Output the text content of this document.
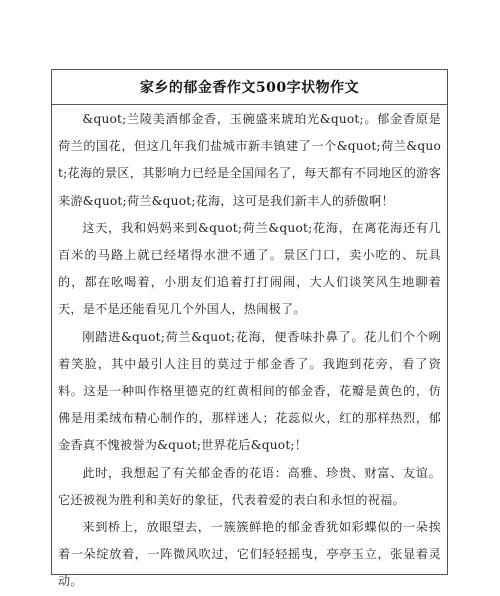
家乡的郁金香作文500字状物作文

&quot;兰陵美酒郁金香，玉碗盛来琥珀光&quot;。郁金香原是荷兰的国花，但这几年我们盐城市新丰镇建了一个&quot;荷兰&quot;花海的景区，其影响力已经是全国闻名了，每天都有不同地区的游客来游&quot;荷兰&quot;花海，这可是我们新丰人的骄傲啊！

这天，我和妈妈来到&quot;荷兰&quot;花海，在离花海还有几百米的马路上就已经堵得水泄不通了。景区门口，卖小吃的、玩具的，都在吆喝着，小朋友们追着打打闹闹，大人们谈笑风生地聊着天，是不是还能看见几个外国人，热闹极了。

刚踏进&quot;荷兰&quot;花海，便香味扑鼻了。花儿们个个咧着笑脸，其中最引人注目的莫过于郁金香了。我跑到花旁，看了资料。这是一种叫作格里德克的红黄相间的郁金香，花瓣是黄色的，仿佛是用柔绒布精心制作的，那样迷人；花蕊似火，红的那样热烈，郁金香真不愧被誉为&quot;世界花后&quot;！

此时，我想起了有关郁金香的花语：高雅、珍贵、财富、友谊。它还被视为胜利和美好的象征，代表着爱的表白和永恒的祝福。

来到桥上，放眼望去，一簇簇鲜艳的郁金香犹如彩蝶似的一朵挨着一朵绽放着，一阵微风吹过，它们轻轻摇曳，亭亭玉立，张显着灵动。
